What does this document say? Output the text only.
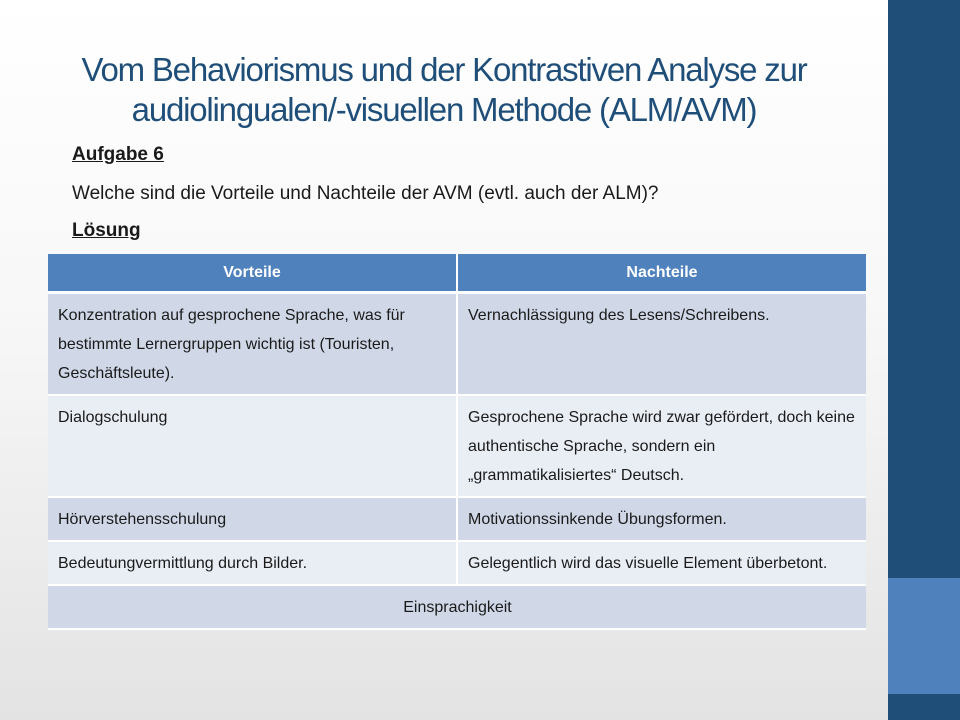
Vom Behaviorismus und der Kontrastiven Analyse zur
audiolingualen/-visuellen Methode (ALM/AVM)
Aufgabe 6
Welche sind die Vorteile und Nachteile der AVM (evtl. auch der ALM)?
Lösung
Vorteile	Nachteile
Konzentration auf gesprochene Sprache, was für bestimmte Lernergruppen wichtig ist (Touristen, Geschäftsleute).	Vernachlässigung des Lesens/Schreibens.
Dialogschulung	Gesprochene Sprache wird zwar gefördert, doch keine authentische Sprache, sondern ein „grammatikalisiertes“ Deutsch.
Hörverstehensschulung	Motivationssinkende Übungsformen.
Bedeutungvermittlung durch Bilder.	Gelegentlich wird das visuelle Element überbetont.
Einsprachigkeit	
